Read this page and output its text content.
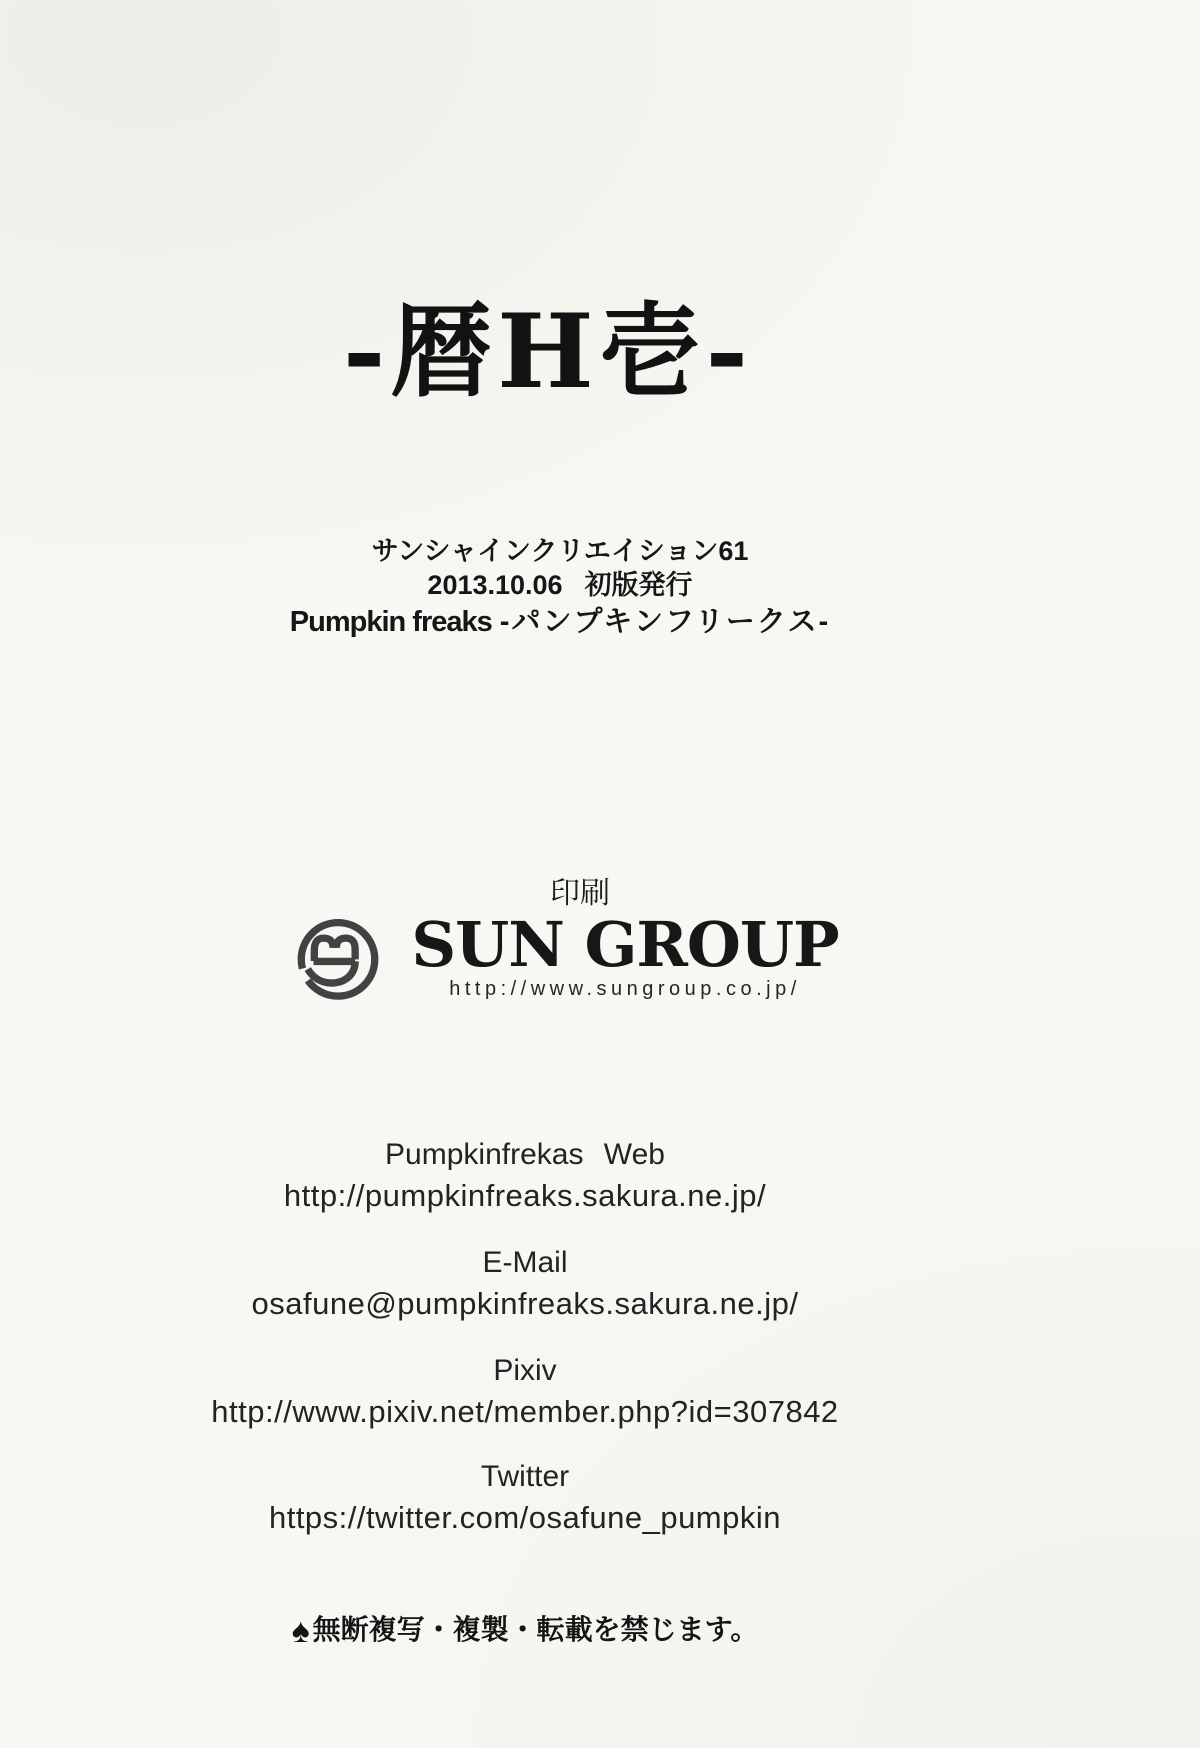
-暦H壱-
サンシャインクリエイション61
2013.10.06 初版発行
Pumpkin freaks -パンプキンフリークス-
印刷
SUN GROUP
http://www.sungroup.co.jp/
Pumpkinfrekas Web
http://pumpkinfreaks.sakura.ne.jp/
E-Mail
osafune@pumpkinfreaks.sakura.ne.jp/
Pixiv
http://www.pixiv.net/member.php?id=307842
Twitter
https://twitter.com/osafune_pumpkin
♠ 無断複写・複製・転載を禁じます。
